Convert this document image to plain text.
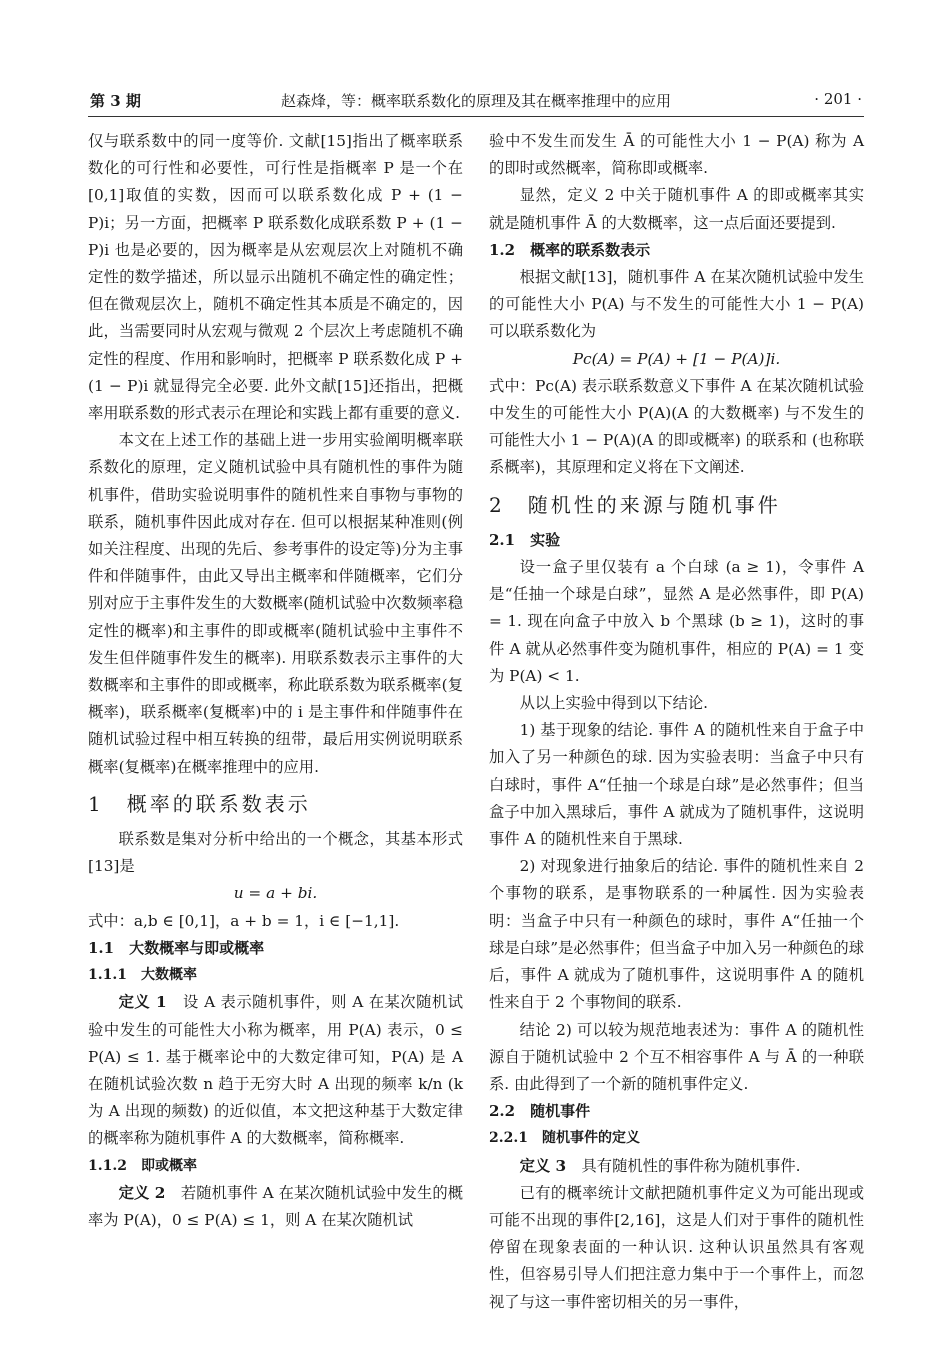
第 3 期	赵森烽，等：概率联系数化的原理及其在概率推理中的应用	· 201 ·

仅与联系数中的同一度等价. 文献[15]指出了概率联系数化的可行性和必要性，可行性是指概率 P 是一个在[0,1]取值的实数，因而可以联系数化成 P + (1 − P)i；另一方面，把概率 P 联系数化成联系数 P + (1 − P)i 也是必要的，因为概率是从宏观层次上对随机不确定性的数学描述，所以显示出随机不确定性的确定性；但在微观层次上，随机不确定性其本质是不确定的，因此，当需要同时从宏观与微观 2 个层次上考虑随机不确定性的程度、作用和影响时，把概率 P 联系数化成 P + (1 − P)i 就显得完全必要. 此外文献[15]还指出，把概率用联系数的形式表示在理论和实践上都有重要的意义.

本文在上述工作的基础上进一步用实验阐明概率联系数化的原理，定义随机试验中具有随机性的事件为随机事件，借助实验说明事件的随机性来自事物与事物的联系，随机事件因此成对存在. 但可以根据某种准则(例如关注程度、出现的先后、参考事件的设定等)分为主事件和伴随事件，由此又导出主概率和伴随概率，它们分别对应于主事件发生的大数概率(随机试验中次数频率稳定性的概率)和主事件的即或概率(随机试验中主事件不发生但伴随事件发生的概率). 用联系数表示主事件的大数概率和主事件的即或概率，称此联系数为联系概率(复概率)，联系概率(复概率)中的 i 是主事件和伴随事件在随机试验过程中相互转换的纽带，最后用实例说明联系概率(复概率)在概率推理中的应用.

1　概率的联系数表示

联系数是集对分析中给出的一个概念，其基本形式[13]是

u = a + bi.

式中：a,b ∈ [0,1]，a + b = 1，i ∈ [−1,1].

1.1　大数概率与即或概率
1.1.1　大数概率

定义 1　设 A 表示随机事件，则 A 在某次随机试验中发生的可能性大小称为概率，用 P(A) 表示，0 ≤ P(A) ≤ 1. 基于概率论中的大数定律可知，P(A) 是 A 在随机试验次数 n 趋于无穷大时 A 出现的频率 k/n (k 为 A 出现的频数) 的近似值，本文把这种基于大数定律的概率称为随机事件 A 的大数概率，简称概率.

1.1.2　即或概率

定义 2　若随机事件 A 在某次随机试验中发生的概率为 P(A)，0 ≤ P(A) ≤ 1，则 A 在某次随机试

验中不发生而发生 Ā 的可能性大小 1 − P(A) 称为 A 的即时或然概率，简称即或概率.

显然，定义 2 中关于随机事件 A 的即或概率其实就是随机事件 Ā 的大数概率，这一点后面还要提到.

1.2　概率的联系数表示

根据文献[13]，随机事件 A 在某次随机试验中发生的可能性大小 P(A) 与不发生的可能性大小 1 − P(A) 可以联系数化为

Pc(A) = P(A) + [1 − P(A)]i.

式中：Pc(A) 表示联系数意义下事件 A 在某次随机试验中发生的可能性大小 P(A)(A 的大数概率) 与不发生的可能性大小 1 − P(A)(A 的即或概率) 的联系和 (也称联系概率)，其原理和定义将在下文阐述.

2　随机性的来源与随机事件
2.1　实验

设一盒子里仅装有 a 个白球 (a ≥ 1)，令事件 A 是“任抽一个球是白球”，显然 A 是必然事件，即 P(A) = 1. 现在向盒子中放入 b 个黑球 (b ≥ 1)，这时的事件 A 就从必然事件变为随机事件，相应的 P(A) = 1 变为 P(A) < 1.

从以上实验中得到以下结论.

1) 基于现象的结论. 事件 A 的随机性来自于盒子中加入了另一种颜色的球. 因为实验表明：当盒子中只有白球时，事件 A“任抽一个球是白球”是必然事件；但当盒子中加入黑球后，事件 A 就成为了随机事件，这说明事件 A 的随机性来自于黑球.

2) 对现象进行抽象后的结论. 事件的随机性来自 2 个事物的联系，是事物联系的一种属性. 因为实验表明：当盒子中只有一种颜色的球时，事件 A“任抽一个球是白球”是必然事件；但当盒子中加入另一种颜色的球后，事件 A 就成为了随机事件，这说明事件 A 的随机性来自于 2 个事物间的联系.

结论 2) 可以较为规范地表述为：事件 A 的随机性源自于随机试验中 2 个互不相容事件 A 与 Ā 的一种联系. 由此得到了一个新的随机事件定义.

2.2　随机事件
2.2.1　随机事件的定义

定义 3　具有随机性的事件称为随机事件.

已有的概率统计文献把随机事件定义为可能出现或可能不出现的事件[2,16]，这是人们对于事件的随机性停留在现象表面的一种认识. 这种认识虽然具有客观性，但容易引导人们把注意力集中于一个事件上，而忽视了与这一事件密切相关的另一事件，
